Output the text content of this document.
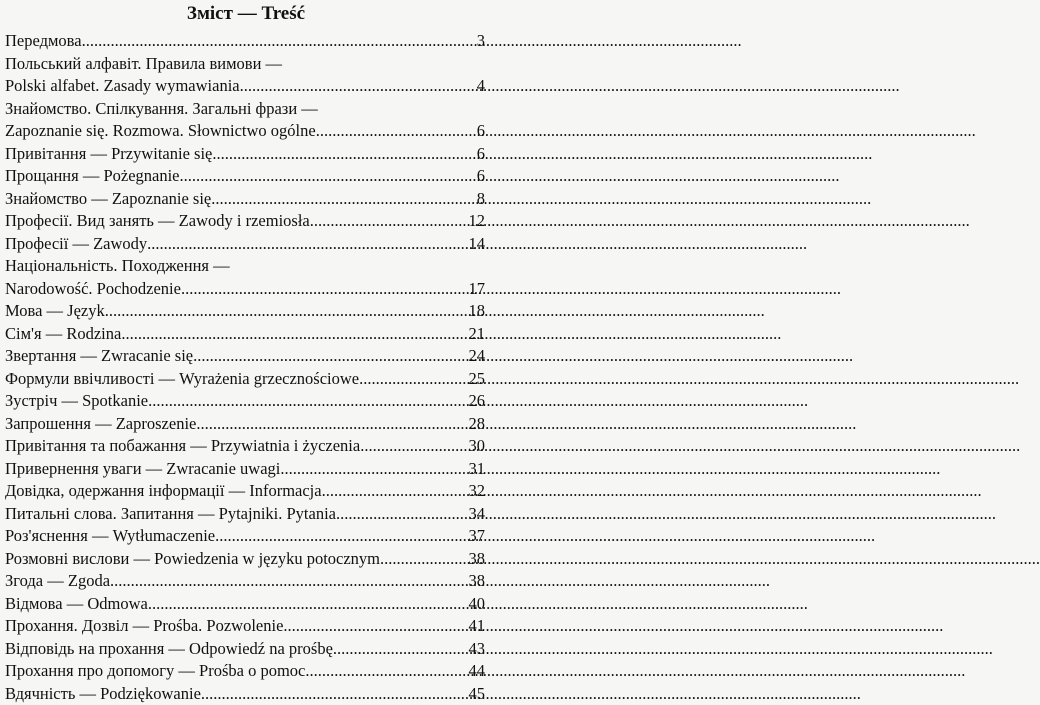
Зміст — Treść
Передмова .....	3
Польський алфавіт. Правила вимови —
Polski alfabet. Zasady wymawiania .....	4
Знайомство. Спілкування. Загальні фрази —
Zapoznanie się. Rozmowa. Słownictwo ogólne .....	6
Привітання — Przywitanie się .....	6
Прощання — Pożegnanie .....	6
Знайомство — Zapoznanie się .....	8
Професії. Вид занять — Zawody i rzemiosła .....	12
Професії — Zawody .....	14
Національність. Походження —
Narodowość. Pochodzenie .....	17
Мова — Język .....	18
Сім'я — Rodzina .....	21
Звертання — Zwracanie się .....	24
Формули ввічливості — Wyrażenia grzecznościowe .....	25
Зустріч — Spotkanie .....	26
Запрошення — Zaproszenie .....	28
Привітання та побажання — Przywiatnia i życzenia .....	30
Привернення уваги — Zwracanie uwagi .....	31
Довідка, одержання інформації — Informacja .....	32
Питальні слова. Запитання — Pytajniki. Pytania .....	34
Роз'яснення — Wytłumaczenie .....	37
Розмовні вислови — Powiedzenia w języku potocznym .....	38
Згода — Zgoda .....	38
Відмова — Odmowa .....	40
Прохання. Дозвіл — Prośba. Pozwolenie .....	41
Відповідь на прохання — Odpowiedź na prośbę .....	43
Прохання про допомогу — Prośba o pomoc .....	44
Вдячність — Podziękowanie .....	45
